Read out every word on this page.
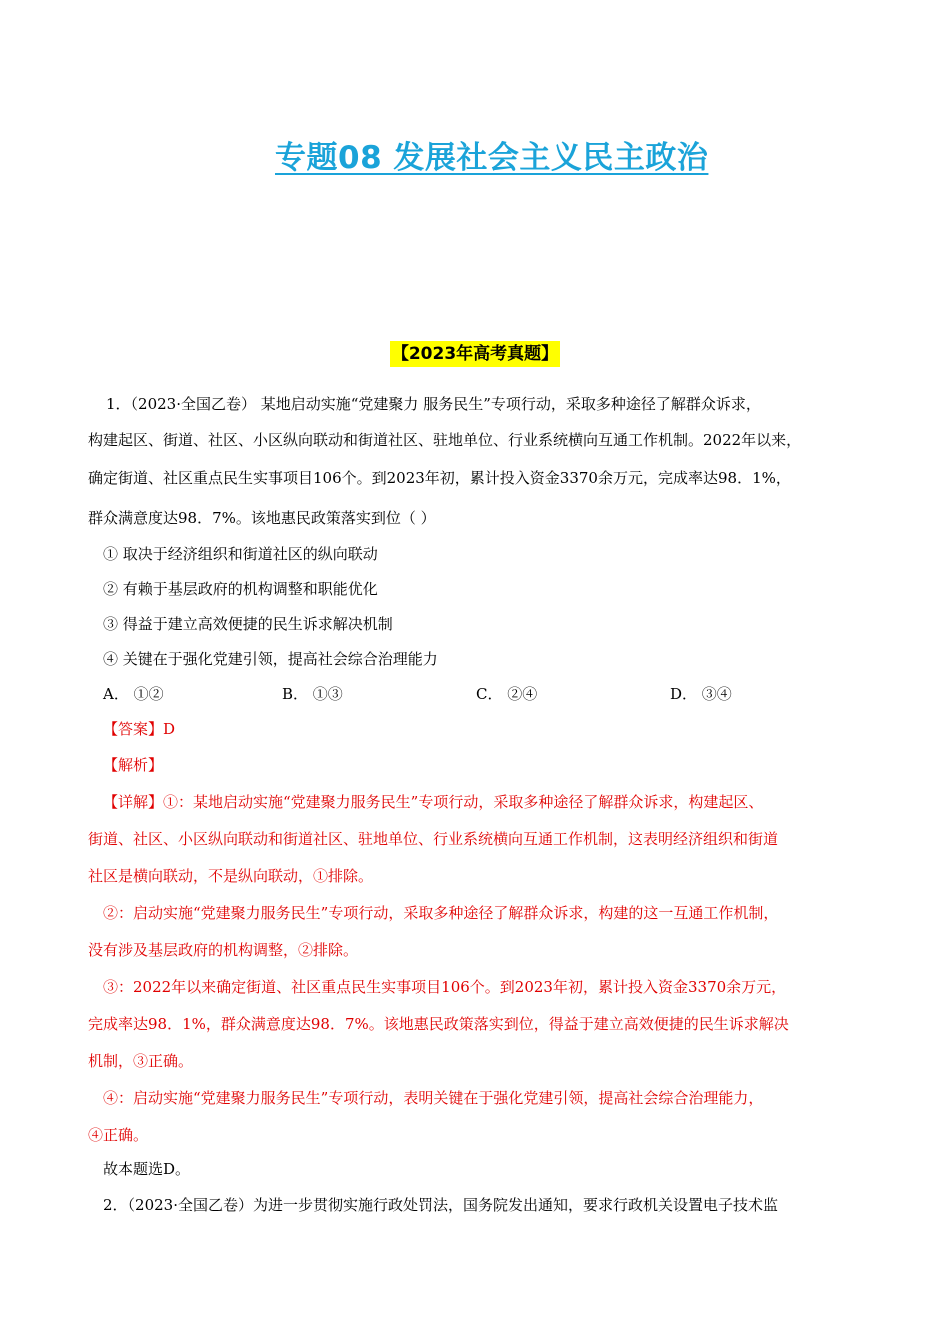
专题08 发展社会主义民主政治
【2023年高考真题】
1．（2023·全国乙卷） 某地启动实施“党建聚力 服务民生”专项行动，采取多种途径了解群众诉求，
构建起区、街道、社区、小区纵向联动和街道社区、驻地单位、行业系统横向互通工作机制。2022年以来，
确定街道、社区重点民生实事项目106个。到2023年初，累计投入资金3370余万元，完成率达98．1%，
群众满意度达98．7%。该地惠民政策落实到位（ ）
① 取决于经济组织和街道社区的纵向联动
② 有赖于基层政府的机构调整和职能优化
③ 得益于建立高效便捷的民生诉求解决机制
④ 关键在于强化党建引领，提高社会综合治理能力
A． ①②	B． ①③	C． ②④	D． ③④
【答案】D
【解析】
【详解】①：某地启动实施“党建聚力服务民生”专项行动，采取多种途径了解群众诉求，构建起区、
街道、社区、小区纵向联动和街道社区、驻地单位、行业系统横向互通工作机制，这表明经济组织和街道
社区是横向联动，不是纵向联动，①排除。
②：启动实施“党建聚力服务民生”专项行动，采取多种途径了解群众诉求，构建的这一互通工作机制，
没有涉及基层政府的机构调整，②排除。
③：2022年以来确定街道、社区重点民生实事项目106个。到2023年初，累计投入资金3370余万元，
完成率达98．1%，群众满意度达98．7%。该地惠民政策落实到位，得益于建立高效便捷的民生诉求解决
机制，③正确。
④：启动实施“党建聚力服务民生”专项行动，表明关键在于强化党建引领，提高社会综合治理能力，
④正确。
故本题选D。
2．（2023·全国乙卷）为进一步贯彻实施行政处罚法，国务院发出通知，要求行政机关设置电子技术监
